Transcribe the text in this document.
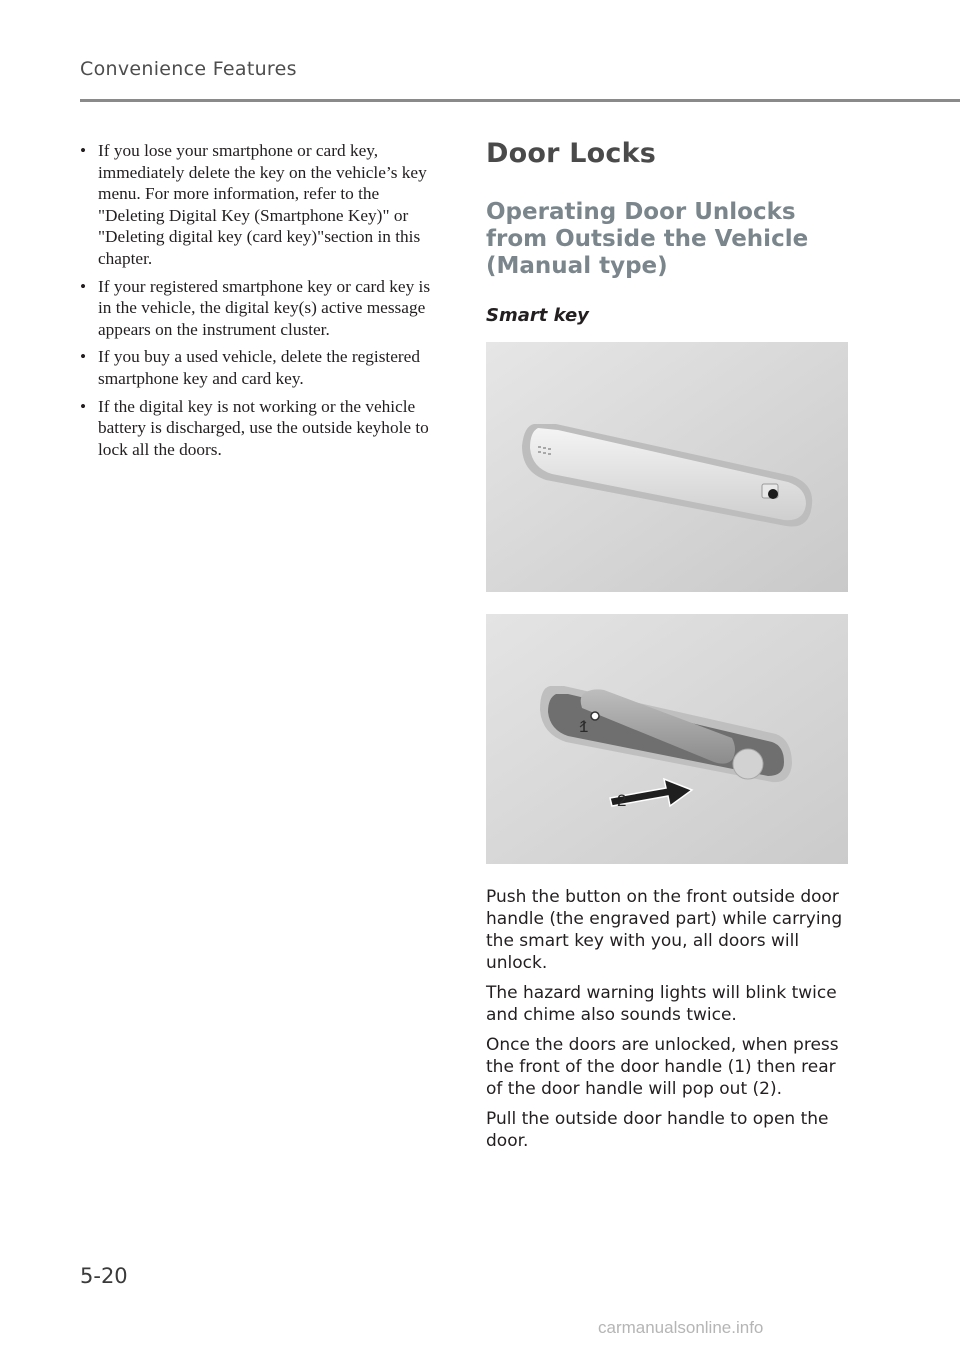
Convenience Features
• If you lose your smartphone or card key, immediately delete the key on the vehicle’s key menu. For more information, refer to the "Deleting Digital Key (Smartphone Key)" or "Deleting digital key (card key)"section in this chapter.
• If your registered smartphone key or card key is in the vehicle, the digital key(s) active message appears on the instrument cluster.
• If you buy a used vehicle, delete the registered smartphone key and card key.
• If the digital key is not working or the vehicle battery is discharged, use the outside keyhole to lock all the doors.
Door Locks
Operating Door Unlocks from Outside the Vehicle (Manual type)
Smart key
1
2

Push the button on the front outside door handle (the engraved part) while carrying the smart key with you, all doors will unlock.

The hazard warning lights will blink twice and chime also sounds twice.

Once the doors are unlocked, when press the front of the door handle (1) then rear of the door handle will pop out (2).

Pull the outside door handle to open the door.

5-20
carmanualsonline.info
